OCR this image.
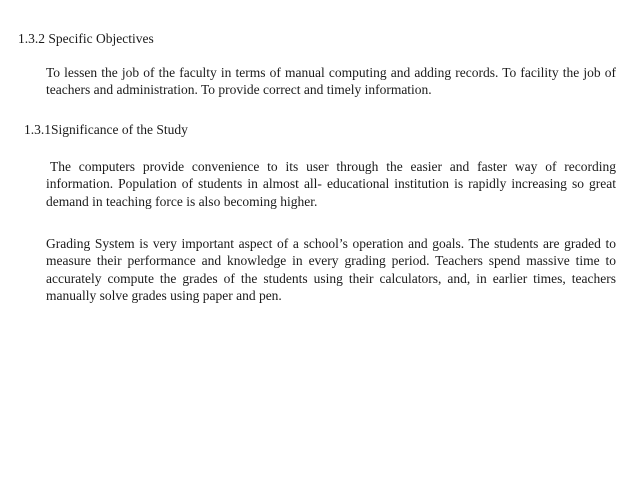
1.3.2 Specific Objectives

To lessen the job of the faculty in terms of manual computing and adding records. To facility the job of teachers and administration. To provide correct and timely information.

1.3.1Significance of the Study

The computers provide convenience to its user through the easier and faster way of recording information. Population of students in almost all- educational institution is rapidly increasing so great demand in teaching force is also becoming higher.

Grading System is very important aspect of a school’s operation and goals. The students are graded to measure their performance and knowledge in every grading period. Teachers spend massive time to accurately compute the grades of the students using their calculators, and, in earlier times, teachers manually solve grades using paper and pen.
